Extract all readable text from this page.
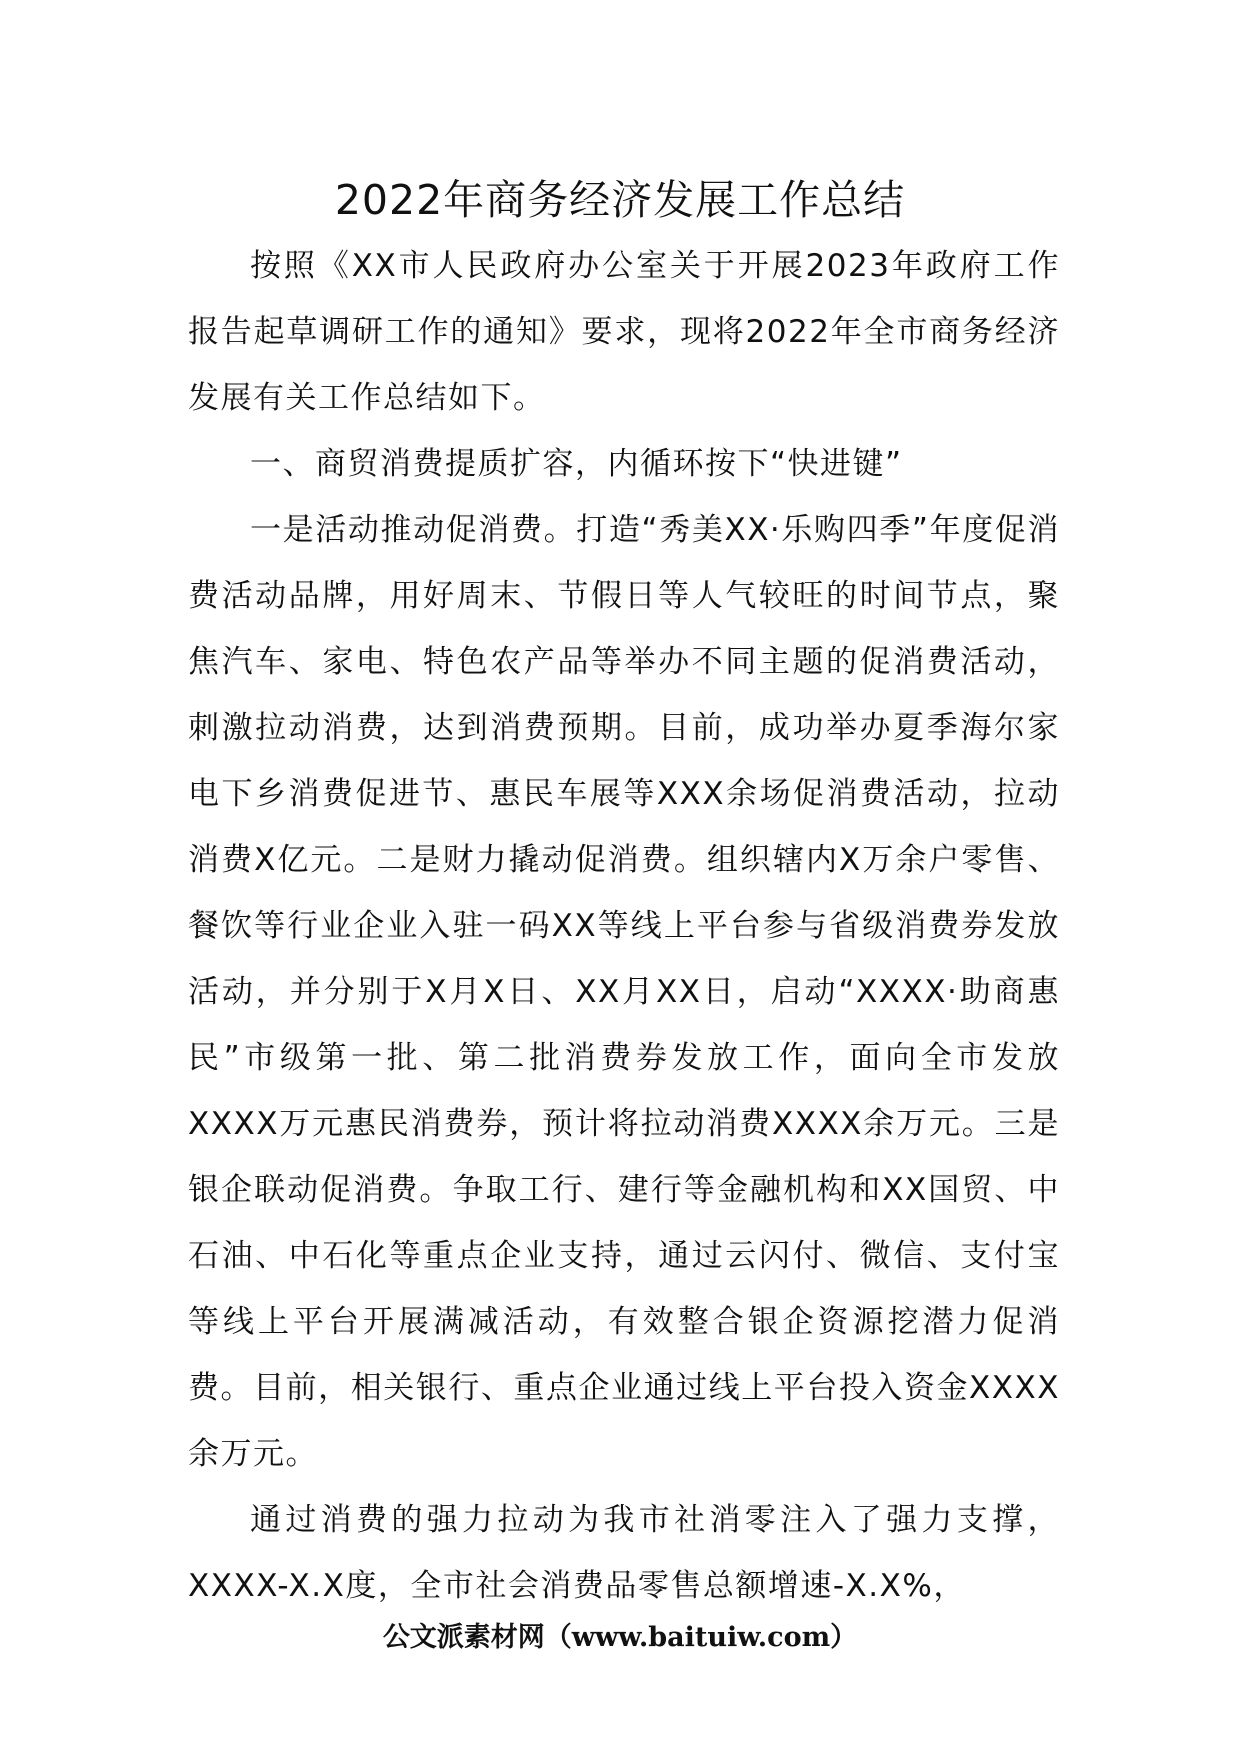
2022年商务经济发展工作总结

按照《XX市人民政府办公室关于开展2023年政府工作报告起草调研工作的通知》要求，现将2022年全市商务经济发展有关工作总结如下。

一、商贸消费提质扩容，内循环按下“快进键”

一是活动推动促消费。打造“秀美XX·乐购四季”年度促消费活动品牌，用好周末、节假日等人气较旺的时间节点，聚焦汽车、家电、特色农产品等举办不同主题的促消费活动，刺激拉动消费，达到消费预期。目前，成功举办夏季海尔家电下乡消费促进节、惠民车展等XXX余场促消费活动，拉动消费X亿元。二是财力撬动促消费。组织辖内X万余户零售、餐饮等行业企业入驻一码XX等线上平台参与省级消费券发放活动，并分别于X月X日、XX月XX日，启动“XXXX·助商惠民”市级第一批、第二批消费券发放工作，面向全市发放XXXX万元惠民消费券，预计将拉动消费XXXX余万元。三是银企联动促消费。争取工行、建行等金融机构和XX国贸、中石油、中石化等重点企业支持，通过云闪付、微信、支付宝等线上平台开展满减活动，有效整合银企资源挖潜力促消费。目前，相关银行、重点企业通过线上平台投入资金XXXX余万元。

通过消费的强力拉动为我市社消零注入了强力支撑，XXXX-X.X度，全市社会消费品零售总额增速-X.X%，

公文派素材网（www.baituiw.com）
